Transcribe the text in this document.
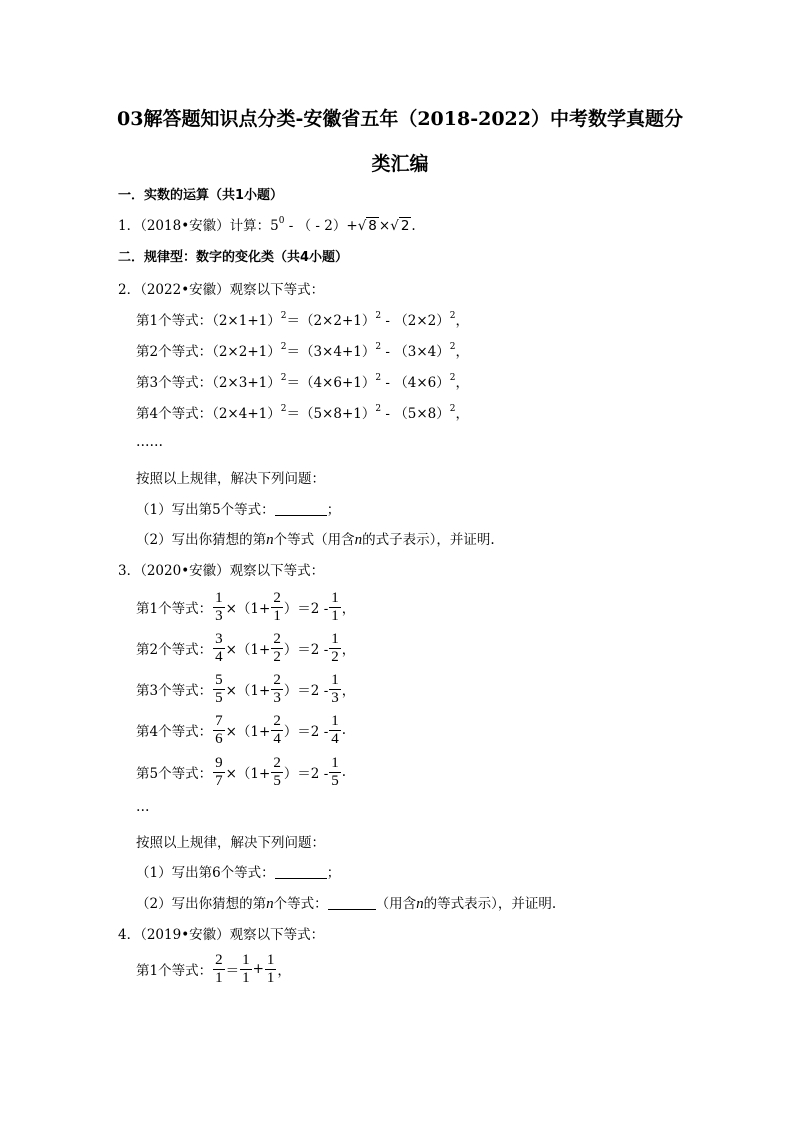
03解答题知识点分类-安徽省五年（2018-2022）中考数学真题分
类汇编
一．实数的运算（共1小题）
1．（2018•安徽）计算：$5^0$ - （ - 2）+√ 8 ×√ 2 .
二．规律型：数字的变化类（共4小题）
2．（2022•安徽）观察以下等式：
第1个等式：$(2\times 1+1)^2=(2\times 2+1)^2 - (2\times 2)^2$，
第2个等式：$(2\times 2+1)^2=(3\times 4+1)^2 - (3\times 4)^2$，
第3个等式：$(2\times 3+1)^2=(4\times 6+1)^2 - (4\times 6)^2$，
第4个等式：$(2\times 4+1)^2=(5\times 8+1)^2 - (5\times 8)^2$，
……
按照以上规律，解决下列问题：
（1）写出第5个等式：	；
（2）写出你猜想的第n个等式（用含n的式子表示），并证明.
3．（2020•安徽）观察以下等式：
第1个等式： $\frac{1}{3} \times(1+ \frac{2}{1} )=2 - \frac{1}{1}$ ，
第2个等式： $\frac{3}{4} \times(1+ \frac{2}{2} )=2 - \frac{1}{2}$ ，
第3个等式： $\frac{5}{5} \times(1+ \frac{2}{3} )=2 - \frac{1}{3}$ ，
第4个等式： $\frac{7}{6} \times(1+ \frac{2}{4} )=2 - \frac{1}{4}$ .
第5个等式： $\frac{9}{7} \times(1+ \frac{2}{5} )=2 - \frac{1}{5}$ .
…
按照以上规律，解决下列问题：
（1）写出第6个等式：	；
（2）写出你猜想的第n个等式：	（用含n的等式表示），并证明.
4．（2019•安徽）观察以下等式：
第1个等式： $\frac{2}{1} = \frac{1}{1} + \frac{1}{1}$ ，
